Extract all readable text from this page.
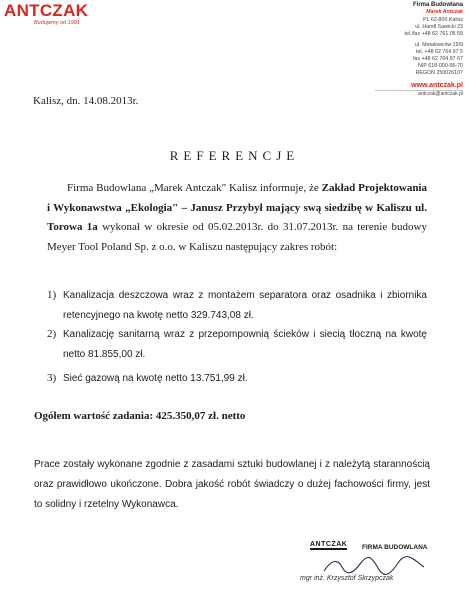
ANTCZAK
Budujemy od 1991
Firma Budowlana
Marek Antczak
PL 62-800 Kalisz
ul. Handl Sawicki 23
tel./fax +48 62 761 05 59
ul. Metalowców 19/9
tel. +48 62 764 97 5
fax +48 62 764 97 67
NIP 618-000-56-70
REGON 250026107
www.antczak.pl
antczak@antczak.pl
Kalisz, dn. 14.08.2013r.
REFERENCJE
Firma Budowlana „Marek Antczak" Kalisz informuje, że Zakład Projektowania i Wykonawstwa „Ekologia" – Janusz Przybył mający swą siedzibę w Kaliszu ul. Torowa 1a wykonał w okresie od 05.02.2013r. do 31.07.2013r. na terenie budowy Meyer Tool Poland Sp. z o.o. w Kaliszu następujący zakres robót:
1) Kanalizacja deszczowa wraz z montażem separatora oraz osadnika i zbiornika retencyjnego na kwotę netto 329.743,08 zł.
2) Kanalizację sanitarną wraz z przepompownią ścieków i siecią tłoczną na kwotę netto 81.855,00 zł.
3) Sieć gazową na kwotę netto 13.751,99 zł.
Ogółem wartość zadania: 425.350,07 zł. netto
Prace zostały wykonane zgodnie z zasadami sztuki budowlanej i z należytą starannością oraz prawidłowo ukończone. Dobra jakość robót świadczy o dużej fachowości firmy, jest to solidny i rzetelny Wykonawca.
ANTCZAK FIRMA BUDOWLANA
mgr inż. Krzysztof Skrzypczak
